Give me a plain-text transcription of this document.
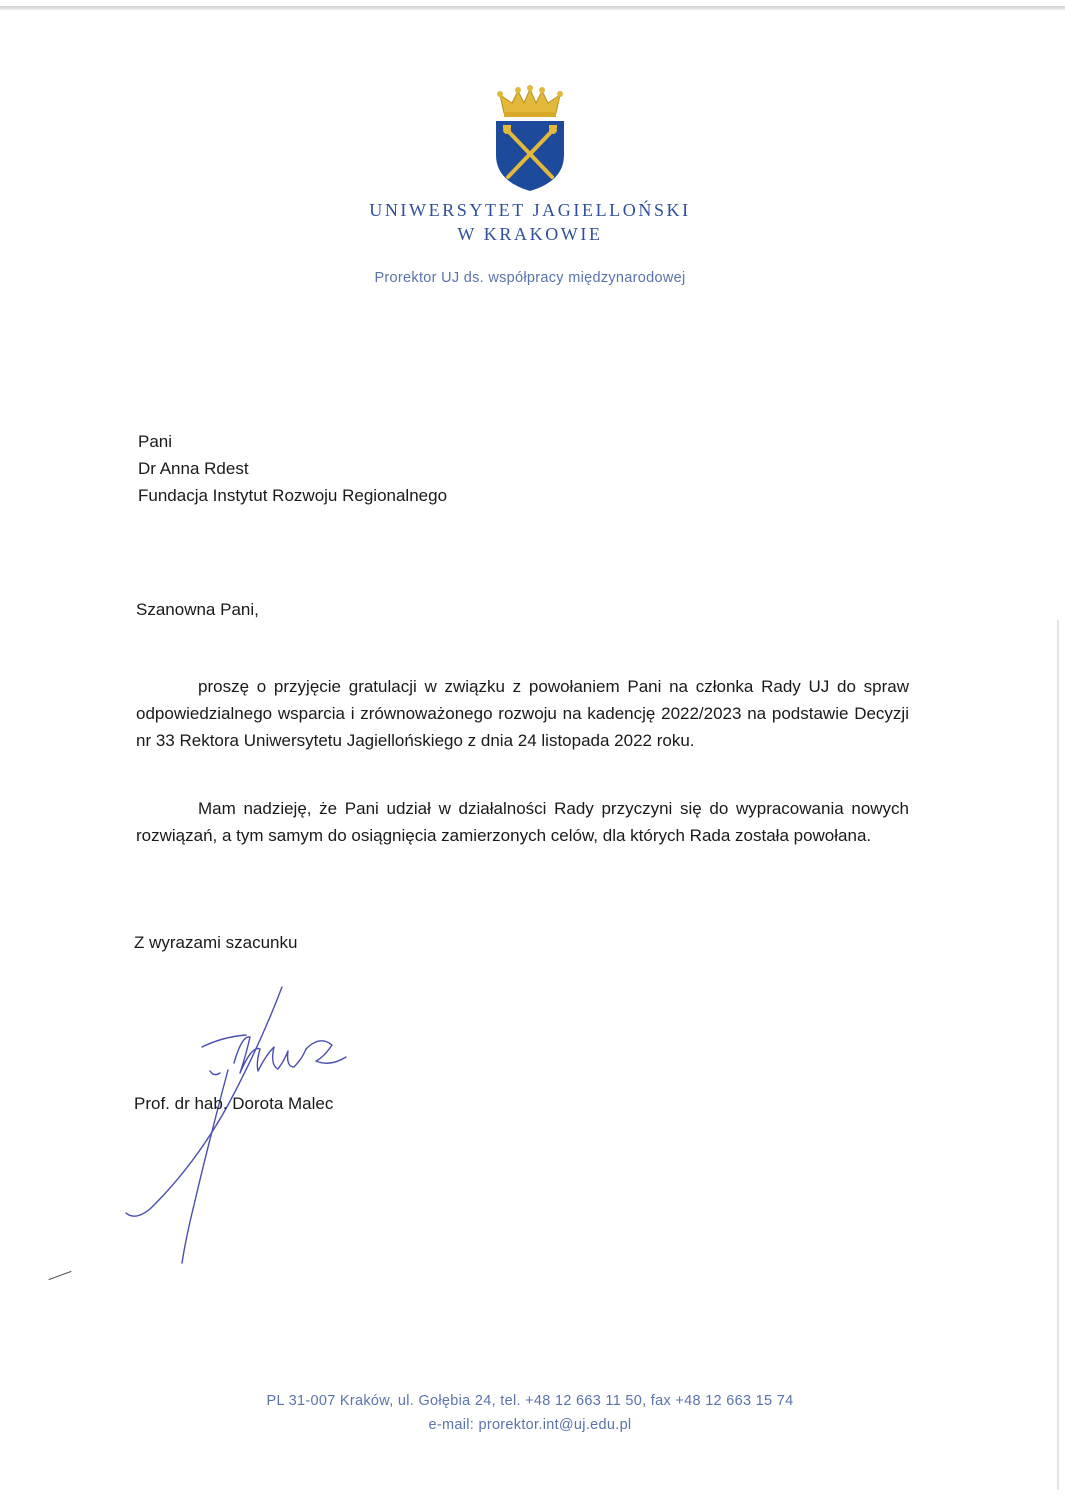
UNIWERSYTET JAGIELLOŃSKI
W KRAKOWIE
Prorektor UJ ds. współpracy międzynarodowej
Pani
Dr Anna Rdest
Fundacja Instytut Rozwoju Regionalnego
Szanowna Pani,
proszę o przyjęcie gratulacji w związku z powołaniem Pani na członka Rady UJ do spraw odpowiedzialnego wsparcia i zrównoważonego rozwoju na kadencję 2022/2023 na podstawie Decyzji nr 33 Rektora Uniwersytetu Jagiellońskiego z dnia 24 listopada 2022 roku.
Mam nadzieję, że Pani udział w działalności Rady przyczyni się do wypracowania nowych rozwiązań, a tym samym do osiągnięcia zamierzonych celów, dla których Rada została powołana.
Z wyrazami szacunku
Prof. dr hab. Dorota Malec
PL 31-007 Kraków, ul. Gołębia 24, tel. +48 12 663 11 50, fax +48 12 663 15 74
e-mail: prorektor.int@uj.edu.pl
